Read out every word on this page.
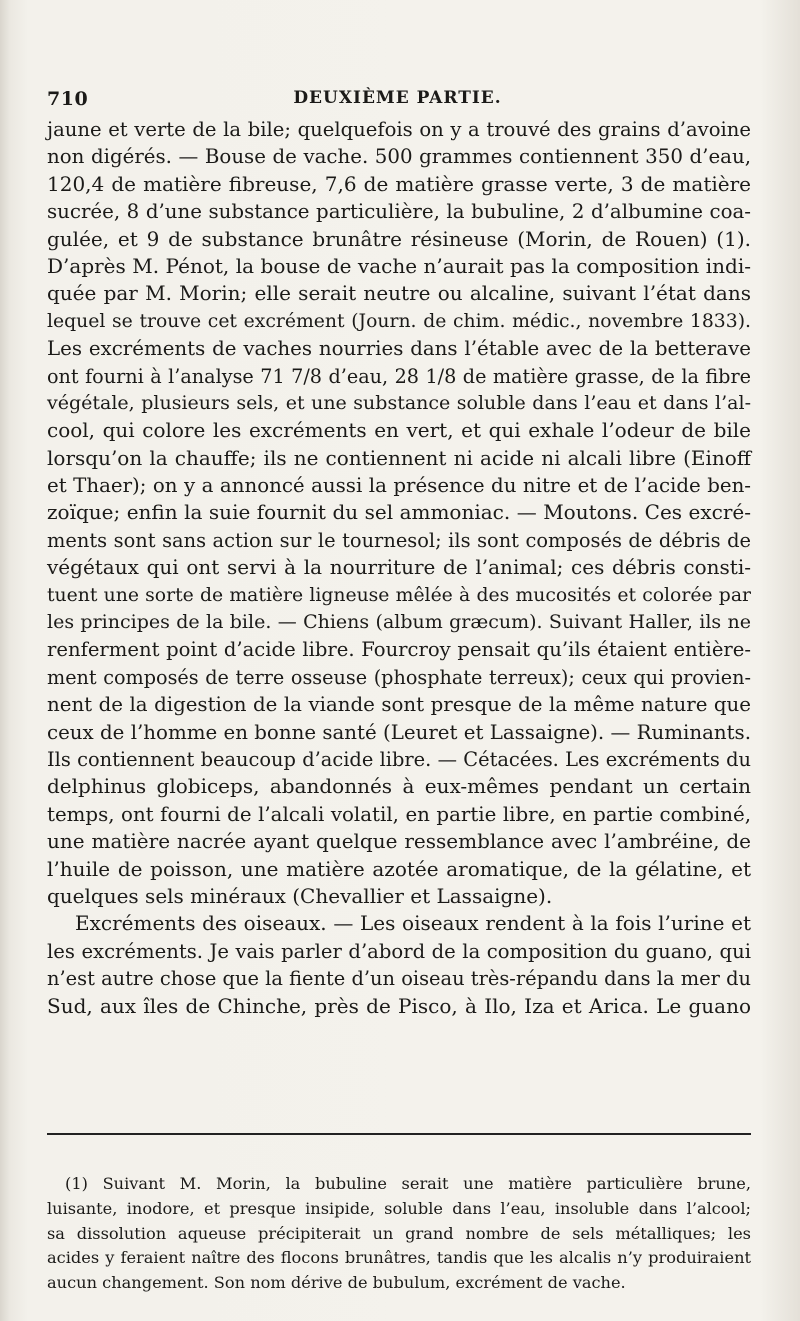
710	DEUXIÈME PARTIE.
jaune et verte de la bile; quelquefois on y a trouvé des grains d’avoine
non digérés. — Bouse de vache. 500 grammes contiennent 350 d’eau,
120,4 de matière fibreuse, 7,6 de matière grasse verte, 3 de matière
sucrée, 8 d’une substance particulière, la bubuline, 2 d’albumine coa-
gulée, et 9 de substance brunâtre résineuse (Morin, de Rouen) (1).
D’après M. Pénot, la bouse de vache n’aurait pas la composition indi-
quée par M. Morin; elle serait neutre ou alcaline, suivant l’état dans
lequel se trouve cet excrément (Journ. de chim. médic., novembre 1833).
Les excréments de vaches nourries dans l’étable avec de la betterave
ont fourni à l’analyse 71 7/8 d’eau, 28 1/8 de matière grasse, de la fibre
végétale, plusieurs sels, et une substance soluble dans l’eau et dans l’al-
cool, qui colore les excréments en vert, et qui exhale l’odeur de bile
lorsqu’on la chauffe; ils ne contiennent ni acide ni alcali libre (Einoff
et Thaer); on y a annoncé aussi la présence du nitre et de l’acide ben-
zoïque; enfin la suie fournit du sel ammoniac. — Moutons. Ces excré-
ments sont sans action sur le tournesol; ils sont composés de débris de
végétaux qui ont servi à la nourriture de l’animal; ces débris consti-
tuent une sorte de matière ligneuse mêlée à des mucosités et colorée par
les principes de la bile. — Chiens (album græcum). Suivant Haller, ils ne
renferment point d’acide libre. Fourcroy pensait qu’ils étaient entière-
ment composés de terre osseuse (phosphate terreux); ceux qui provien-
nent de la digestion de la viande sont presque de la même nature que
ceux de l’homme en bonne santé (Leuret et Lassaigne). — Ruminants.
Ils contiennent beaucoup d’acide libre. — Cétacées. Les excréments du
delphinus globiceps, abandonnés à eux-mêmes pendant un certain
temps, ont fourni de l’alcali volatil, en partie libre, en partie combiné,
une matière nacrée ayant quelque ressemblance avec l’ambréine, de
l’huile de poisson, une matière azotée aromatique, de la gélatine, et
quelques sels minéraux (Chevallier et Lassaigne).
Excréments des oiseaux. — Les oiseaux rendent à la fois l’urine et
les excréments. Je vais parler d’abord de la composition du guano, qui
n’est autre chose que la fiente d’un oiseau très-répandu dans la mer du
Sud, aux îles de Chinche, près de Pisco, à Ilo, Iza et Arica. Le guano
(1) Suivant M. Morin, la bubuline serait une matière particulière brune,
luisante, inodore, et presque insipide, soluble dans l’eau, insoluble dans l’alcool;
sa dissolution aqueuse précipiterait un grand nombre de sels métalliques; les
acides y feraient naître des flocons brunâtres, tandis que les alcalis n’y produiraient
aucun changement. Son nom dérive de bubulum, excrément de vache.
